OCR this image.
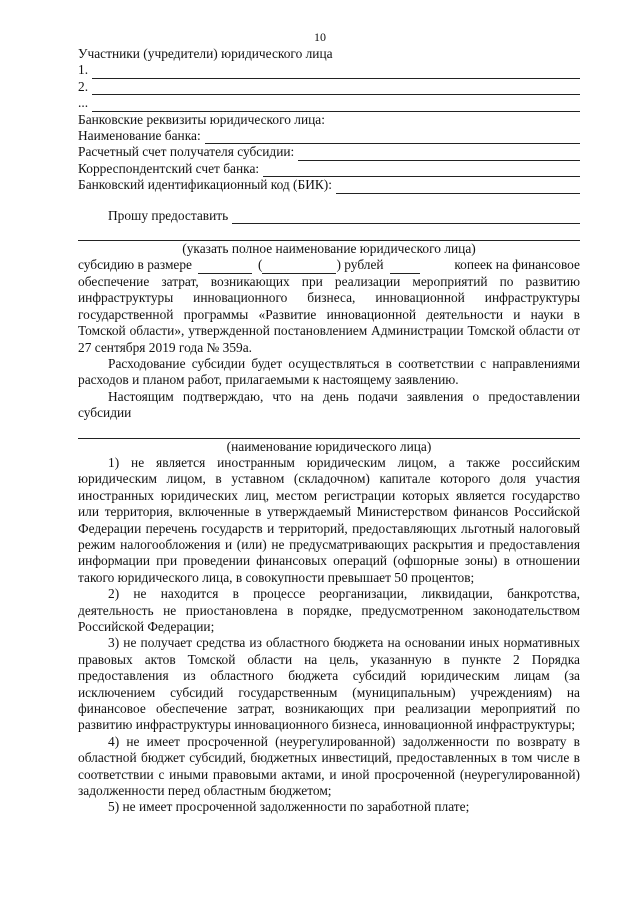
10
Участники (учредители) юридического лица
1.
2.
...
Банковские реквизиты юридического лица:
Наименование банка:
Расчетный счет получателя субсидии:
Корреспондентский счет банка:
Банковский идентификационный код (БИК):
Прошу предоставить
(указать полное наименование юридического лица)
субсидию в размере	(	) рублей	копеек на финансовое

обеспечение затрат, возникающих при реализации мероприятий по развитию инфраструктуры инновационного бизнеса, инновационной инфраструктуры государственной программы «Развитие инновационной деятельности и науки в Томской области», утвержденной постановлением Администрации Томской области от 27 сентября 2019 года № 359а.

Расходование субсидии будет осуществляться в соответствии с направлениями расходов и планом работ, прилагаемыми к настоящему заявлению.

Настоящим подтверждаю, что на день подачи заявления о предоставлении субсидии

(наименование юридического лица)

1) не является иностранным юридическим лицом, а также российским юридическим лицом, в уставном (складочном) капитале которого доля участия иностранных юридических лиц, местом регистрации которых является государство или территория, включенные в утверждаемый Министерством финансов Российской Федерации перечень государств и территорий, предоставляющих льготный налоговый режим налогообложения и (или) не предусматривающих раскрытия и предоставления информации при проведении финансовых операций (офшорные зоны) в отношении такого юридического лица, в совокупности превышает 50 процентов;

2) не находится в процессе реорганизации, ликвидации, банкротства, деятельность не приостановлена в порядке, предусмотренном законодательством Российской Федерации;

3) не получает средства из областного бюджета на основании иных нормативных правовых актов Томской области на цель, указанную в пункте 2 Порядка предоставления из областного бюджета субсидий юридическим лицам (за исключением субсидий государственным (муниципальным) учреждениям) на финансовое обеспечение затрат, возникающих при реализации мероприятий по развитию инфраструктуры инновационного бизнеса, инновационной инфраструктуры;

4) не имеет просроченной (неурегулированной) задолженности по возврату в областной бюджет субсидий, бюджетных инвестиций, предоставленных в том числе в соответствии с иными правовыми актами, и иной просроченной (неурегулированной) задолженности перед областным бюджетом;

5) не имеет просроченной задолженности по заработной плате;
